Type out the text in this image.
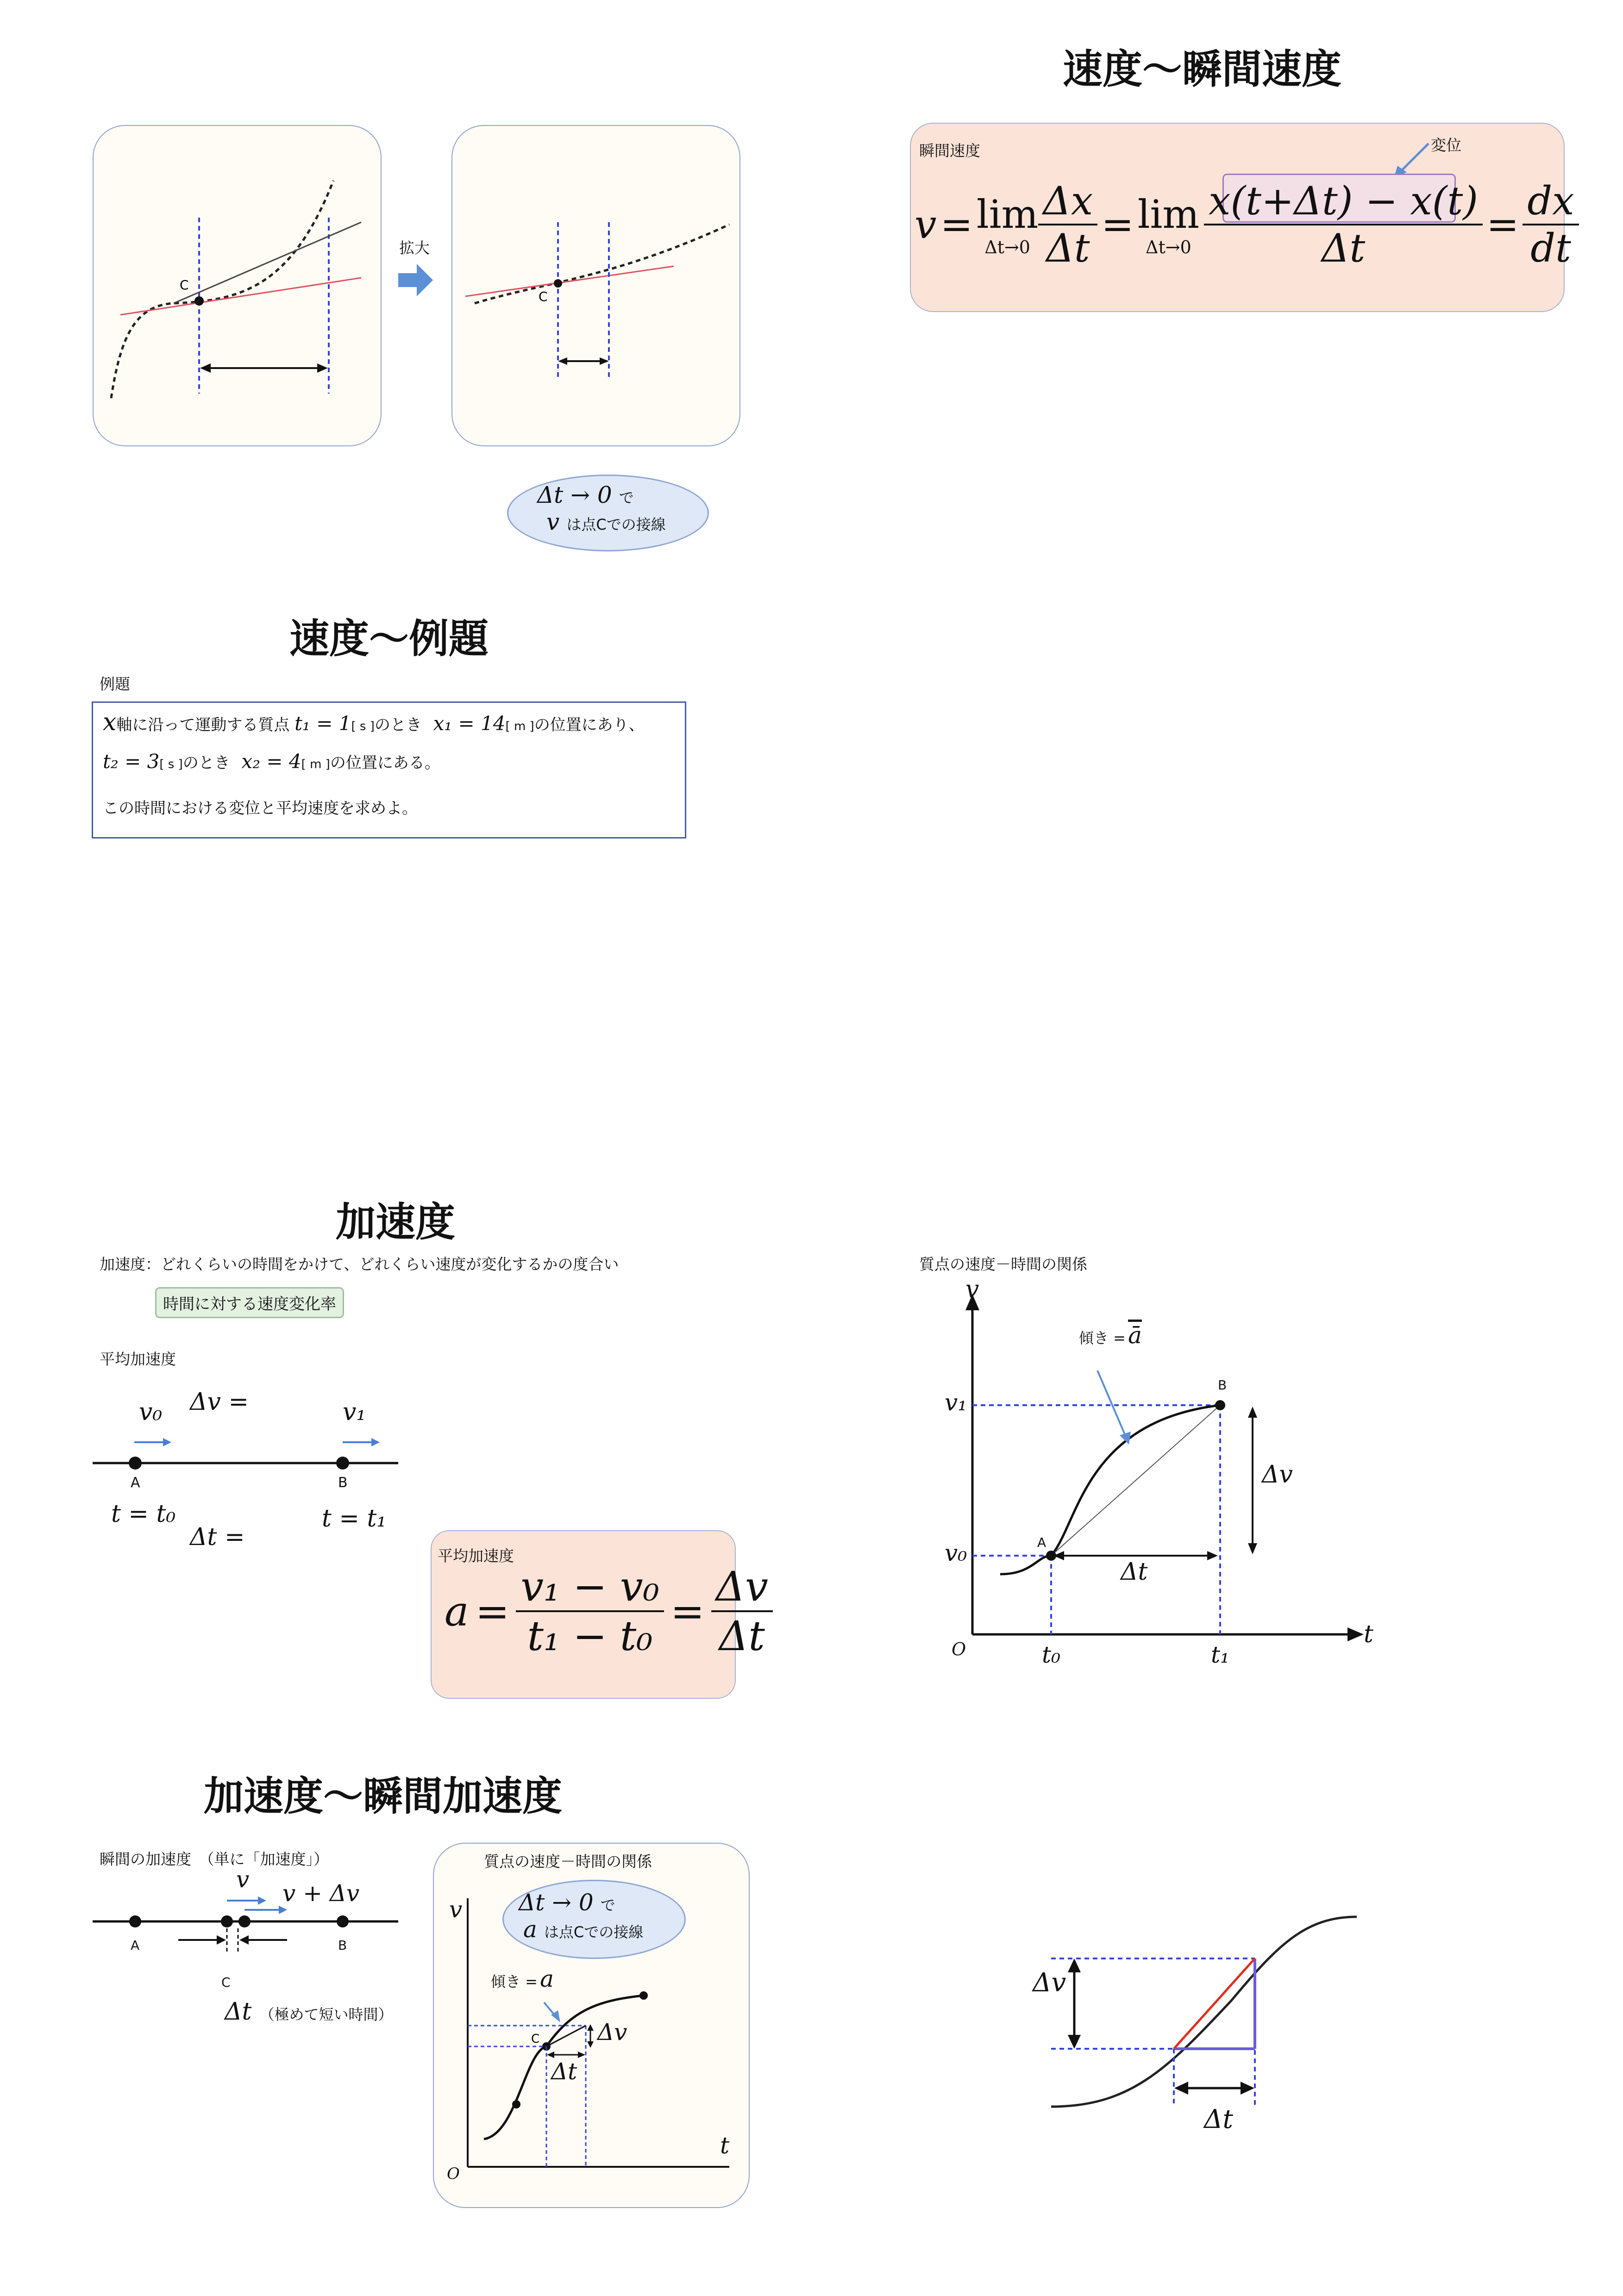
C
拡大
C
Δt → 0 で
v は点Cでの接線
速度～瞬間速度
瞬間速度	変位
v = lim
$\Delta t\to 0 \frac{\Delta x}{\Delta t} = \lim$
$\Delta t\to 0 \frac{x(t+\Delta t) - x(t)}{\Delta t} = \frac{dx}{dt}$
速度～例題
例題
x軸に沿って運動する質点 t₁ = 1[ s ]のとき x₁ = 14[ m ]の位置にあり、
t₂ = 3[ s ]のとき x₂ = 4[ m ]の位置にある。
この時間における変位と平均速度を求めよ。
加速度
加速度：どれくらいの時間をかけて、どれくらい速度が変化するかの度合い
時間に対する速度変化率
平均加速度
v₀	v₁
Δv =
A	B
t = t₀	t = t₁
Δt =
平均加速度
$a = \frac{\text{v₁ − v₀}}{\text{t₁ − t₀}} = \frac{\Delta v}{\Delta t}$
質点の速度－時間の関係
v
t
O
傾き = $\overline{ā}$
A
B
v₀
v₁
t₀	t₁
Δv
Δt
加速度～瞬間加速度
瞬間の加速度　（単に「加速度」）
v
v + Δv
A	B
C
Δt （極めて短い時間）
質点の速度－時間の関係
Δt → 0 で
a は点Cでの接線
C
v
t
O
傾き = a
Δv
Δt
Δv
Δt
